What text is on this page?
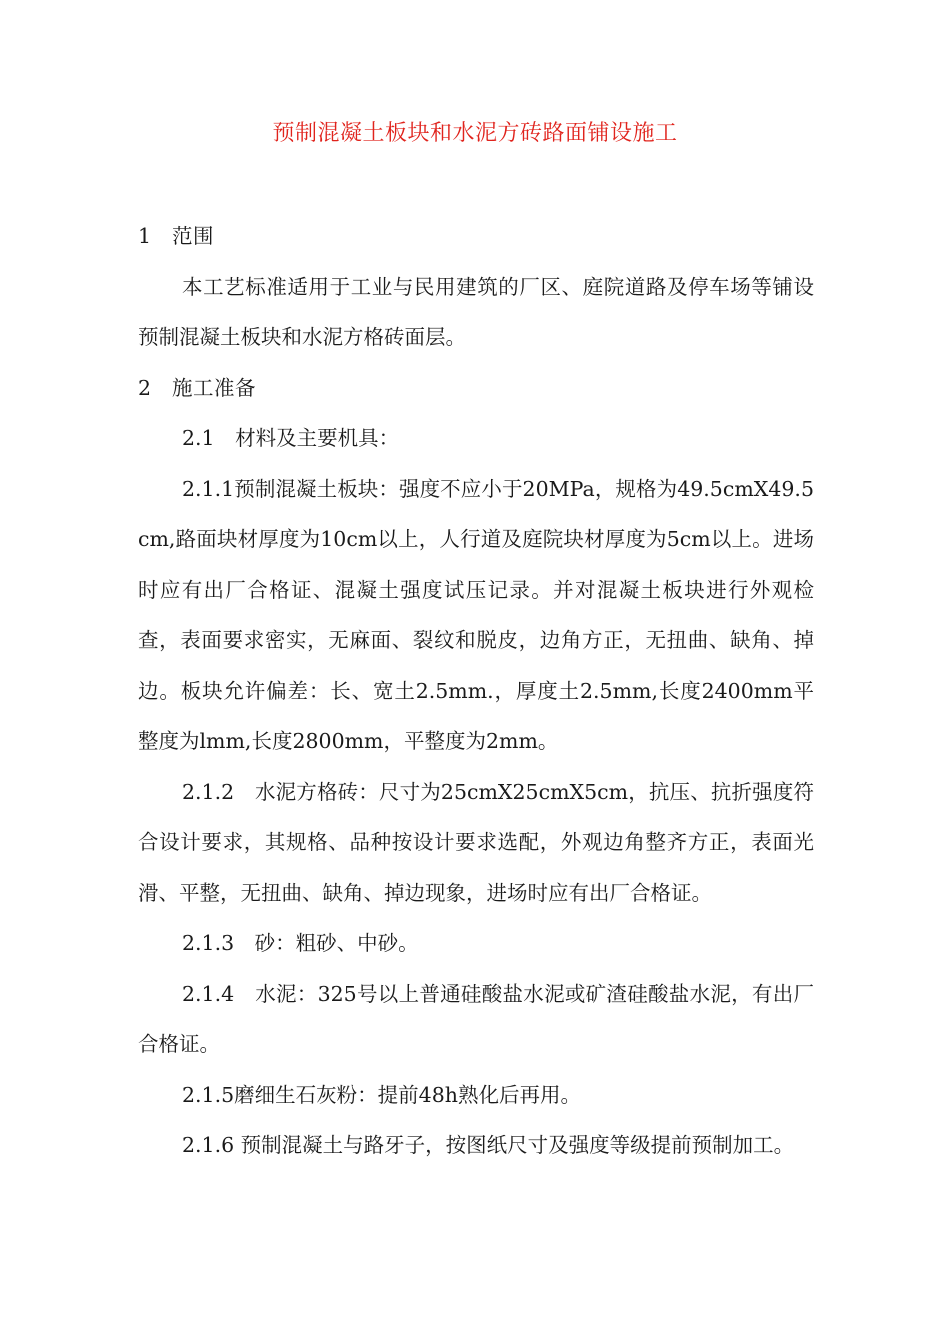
预制混凝土板块和水泥方砖路面铺设施工

1 范围

本工艺标准适用于工业与民用建筑的厂区、庭院道路及停车场等铺设预制混凝土板块和水泥方格砖面层。

2 施工准备

2.1　材料及主要机具：

2.1.1预制混凝土板块：强度不应小于20MPa，规格为49.5cmX49.5cm,路面块材厚度为10cm以上，人行道及庭院块材厚度为5cm以上。进场时应有出厂合格证、混凝土强度试压记录。并对混凝土板块进行外观检查，表面要求密实，无麻面、裂纹和脱皮，边角方正，无扭曲、缺角、掉边。板块允许偏差：长、宽土2.5mm.，厚度土2.5mm,长度2400mm平整度为lmm,长度2800mm，平整度为2mm。

2.1.2　水泥方格砖：尺寸为25cmX25cmX5cm，抗压、抗折强度符合设计要求，其规格、品种按设计要求选配，外观边角整齐方正，表面光滑、平整，无扭曲、缺角、掉边现象，进场时应有出厂合格证。

2.1.3　砂：粗砂、中砂。

2.1.4　水泥：325号以上普通硅酸盐水泥或矿渣硅酸盐水泥，有出厂合格证。

2.1.5磨细生石灰粉：提前48h熟化后再用。

2.1.6 预制混凝土与路牙子，按图纸尺寸及强度等级提前预制加工。
